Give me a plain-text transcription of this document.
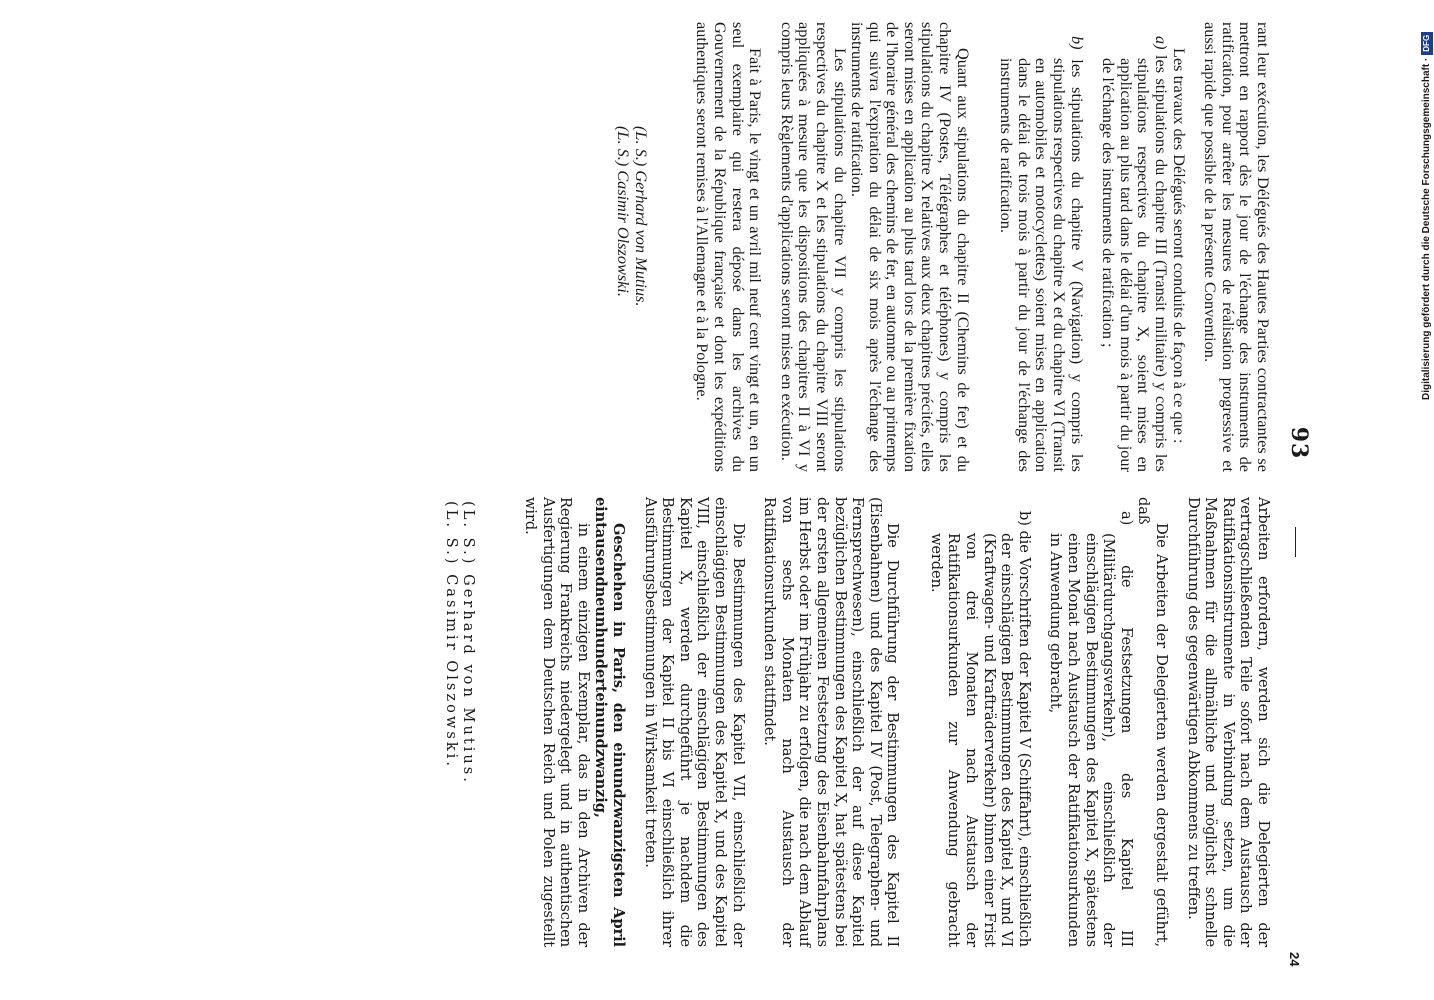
93

rant leur exécution, les Délégués des Hautes Parties contractantes se mettront en rapport dès le jour de l'échange des instruments de ratification, pour arrêter les mesures de réalisation progressive et aussi rapide que possible de la présente Convention.

Les travaux des Délégués seront conduits de façon à ce que :

a) les stipulations du chapitre III (Transit militaire) y compris les stipulations respectives du chapitre X, soient mises en application au plus tard dans le délai d'un mois à partir du jour de l'échange des instruments de ratification ;

b) les stipulations du chapitre V (Navigation) y compris les stipulations respectives du chapitre X et du chapitre VI (Transit en automobiles et motocyclettes) soient mises en application dans le délai de trois mois à partir du jour de l'échange des instruments de ratification.

Quant aux stipulations du chapitre II (Chemins de fer) et du chapitre IV (Postes, Télégraphes et téléphones) y compris les stipulations du chapitre X relatives aux deux chapitres précités, elles seront mises en application au plus tard lors de la première fixation de l'horaire général des chemins de fer, en automne ou au printemps qui suivra l'expiration du délai de six mois après l'échange des instruments de ratification.

Les stipulations du chapitre VII y compris les stipulations respectives du chapitre X et les stipulations du chapitre VIII seront appliquées à mesure que les dispositions des chapitres II à VI y compris leurs Règlements d'applications seront mises en exécution.

Fait à Paris, le vingt et un avril mil neuf cent vingt et un, en un seul exemplaire qui restera déposé dans les archives du Gouvernement de la République française et dont les expéditions authentiques seront remises à l'Allemagne et à la Pologne.

(L. S.) Gerhard von Mutius.

(L. S.) Casimir Olszowski.

Arbeiten erfordern, werden sich die Delegierten der vertragschließenden Teile sofort nach dem Austausch der Ratifikationsinstrumente in Verbindung setzen, um die Maßnahmen für die allmähliche und möglichst schnelle Durchführung des gegenwärtigen Abkommens zu treffen.

Die Arbeiten der Delegierten werden dergestalt geführt, daß

a) die Festsetzungen des Kapitel III (Militärdurchgangsverkehr), einschließlich der einschlägigen Bestimmungen des Kapitel X, spätestens einen Monat nach Austausch der Ratifikationsurkunden in Anwendung gebracht,

b) die Vorschriften der Kapitel V (Schiffahrt), einschließlich der einschlägigen Bestimmungen des Kapitel X, und VI (Kraftwagen- und Krafträderverkehr) binnen einer Frist von drei Monaten nach Austausch der Ratifikationsurkunden zur Anwendung gebracht werden.

Die Durchführung der Bestimmungen des Kapitel II (Eisenbahnen) und des Kapitel IV (Post, Telegraphen- und Fernsprechwesen), einschließlich der auf diese Kapitel bezüglichen Bestimmungen des Kapitel X, hat spätestens bei der ersten allgemeinen Festsetzung des Eisenbahnfahrplans im Herbst oder im Frühjahr zu erfolgen, die nach dem Ablauf von sechs Monaten nach Austausch der Ratifikationsurkunden stattfindet.

Die Bestimmungen des Kapitel VII, einschließlich der einschlägigen Bestimmungen des Kapitel X, und des Kapitel VIII, einschließlich der einschlägigen Bestimmungen des Kapitel X, werden durchgeführt je nachdem die Bestimmungen der Kapitel II bis VI einschließlich ihrer Ausführungsbestimmungen in Wirksamkeit treten.

Geschehen in Paris, den einundzwanzigsten April eintausendneunhunderteinundzwanzig,

in einem einzigen Exemplar, das in den Archiven der Regierung Frankreichs niedergelegt und in authentischen Ausfertigungen dem Deutschen Reich und Polen zugestellt wird.

(L. S.) Gerhard von Mutius.

(L. S.) Casimir Olszowski.

24
Digitalisierung gefördert durch die Deutsche Forschungsgemeinschaft ·
DFG
